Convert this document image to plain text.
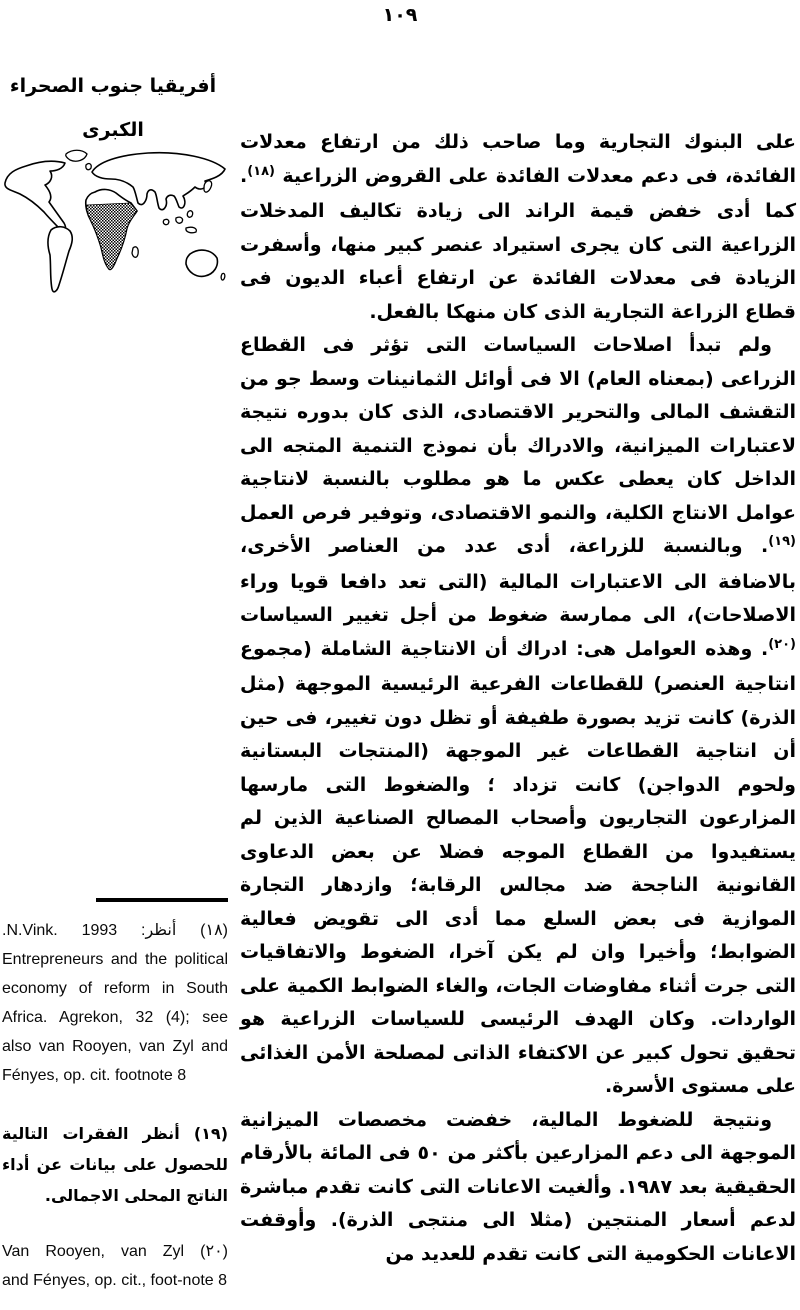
١٠٩
أفريقيا جنوب الصحراء
الكبرى
(١٨) أنظر: N.Vink. 1993.
Entrepreneurs and the political economy of reform in South Africa. Agrekon, 32 (4); see also van Rooyen, van Zyl and Fényes, op. cit. footnote 8
(١٩) أنظر الفقرات التالية للحصول على بيانات عن أداء الناتج المحلى الاجمالى.
(٢٠) Van Rooyen, van Zyl
and Fényes, op. cit., foot-note 8

على البنوك التجارية وما صاحب ذلك من ارتفاع معدلات الفائدة، فى دعم معدلات الفائدة على القروض الزراعية $^{(١٨)}$. كما أدى خفض قيمة الراند الى زيادة تكاليف المدخلات الزراعية التى كان يجرى استيراد عنصر كبير منها، وأسفرت الزيادة فى معدلات الفائدة عن ارتفاع أعباء الديون فى قطاع الزراعة التجارية الذى كان منهكا بالفعل.

ولم تبدأ اصلاحات السياسات التى تؤثر فى القطاع الزراعى (بمعناه العام) الا فى أوائل الثمانينات وسط جو من التقشف المالى والتحرير الاقتصادى، الذى كان بدوره نتيجة لاعتبارات الميزانية، والادراك بأن نموذج التنمية المتجه الى الداخل كان يعطى عكس ما هو مطلوب بالنسبة لانتاجية عوامل الانتاج الكلية، والنمو الاقتصادى، وتوفير فرص العمل $^{(١٩)}$. وبالنسبة للزراعة، أدى عدد من العناصر الأخرى، بالاضافة الى الاعتبارات المالية (التى تعد دافعا قويا وراء الاصلاحات)، الى ممارسة ضغوط من أجل تغيير السياسات $^{(٢٠)}$. وهذه العوامل هى: ادراك أن الانتاجية الشاملة (مجموع انتاجية العنصر) للقطاعات الفرعية الرئيسية الموجهة (مثل الذرة) كانت تزيد بصورة طفيفة أو تظل دون تغيير، فى حين أن انتاجية القطاعات غير الموجهة (المنتجات البستانية ولحوم الدواجن) كانت تزداد ؛ والضغوط التى مارسها المزارعون التجاريون وأصحاب المصالح الصناعية الذين لم يستفيدوا من القطاع الموجه فضلا عن بعض الدعاوى القانونية الناجحة ضد مجالس الرقابة؛ وازدهار التجارة الموازية فى بعض السلع مما أدى الى تقويض فعالية الضوابط؛ وأخيرا وان لم يكن آخرا، الضغوط والاتفاقيات التى جرت أثناء مفاوضات الجات، والغاء الضوابط الكمية على الواردات. وكان الهدف الرئيسى للسياسات الزراعية هو تحقيق تحول كبير عن الاكتفاء الذاتى لمصلحة الأمن الغذائى على مستوى الأسرة.

ونتيجة للضغوط المالية، خفضت مخصصات الميزانية الموجهة الى دعم المزارعين بأكثر من ٥٠ فى المائة بالأرقام الحقيقية بعد ١٩٨٧. وألغيت الاعانات التى كانت تقدم مباشرة لدعم أسعار المنتجين (مثلا الى منتجى الذرة). وأوقفت الاعانات الحكومية التى كانت تقدم للعديد من
